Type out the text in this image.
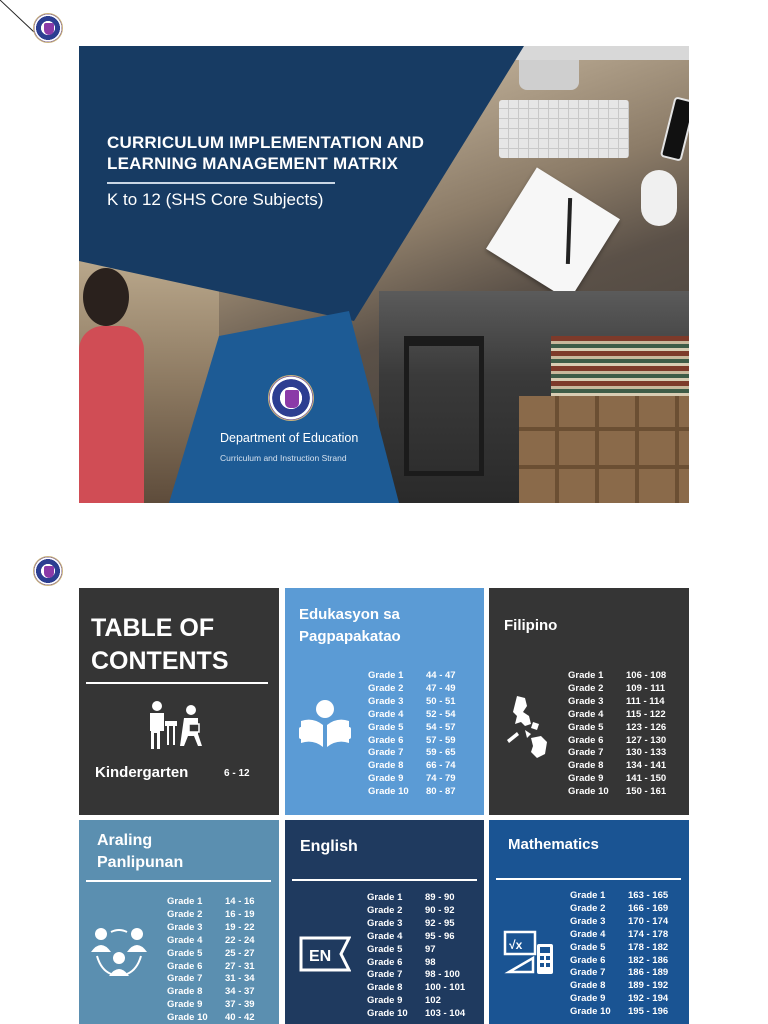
CURRICULUM IMPLEMENTATION AND
LEARNING MANAGEMENT MATRIX
K to 12 (SHS Core Subjects)
Department of Education
Curriculum and Instruction Strand
TABLE OF
CONTENTS
Kindergarten	6 - 12
Edukasyon sa
Pagpapakatao
Grade 1	44 - 47
Grade 2	47 - 49
Grade 3	50 - 51
Grade 4	52 - 54
Grade 5	54 - 57
Grade 6	57 - 59
Grade 7	59 - 65
Grade 8	66 - 74
Grade 9	74 - 79
Grade 10	80 - 87
Filipino
Grade 1	106 - 108
Grade 2	109 - 111
Grade 3	111 - 114
Grade 4	115 - 122
Grade 5	123 - 126
Grade 6	127 - 130
Grade 7	130 - 133
Grade 8	134 - 141
Grade 9	141 - 150
Grade 10	150 - 161
Araling
Panlipunan
Grade 1	14 - 16
Grade 2	16 - 19
Grade 3	19 - 22
Grade 4	22 - 24
Grade 5	25 - 27
Grade 6	27 - 31
Grade 7	31 - 34
Grade 8	34 - 37
Grade 9	37 - 39
Grade 10	40 - 42
English
EN
Grade 1	89 - 90
Grade 2	90 - 92
Grade 3	92 - 95
Grade 4	95 - 96
Grade 5	97
Grade 6	98
Grade 7	98 - 100
Grade 8	100 - 101
Grade 9	102
Grade 10	103 - 104
Mathematics
√x
Grade 1	163 - 165
Grade 2	166 - 169
Grade 3	170 - 174
Grade 4	174 - 178
Grade 5	178 - 182
Grade 6	182 - 186
Grade 7	186 - 189
Grade 8	189 - 192
Grade 9	192 - 194
Grade 10	195 - 196
